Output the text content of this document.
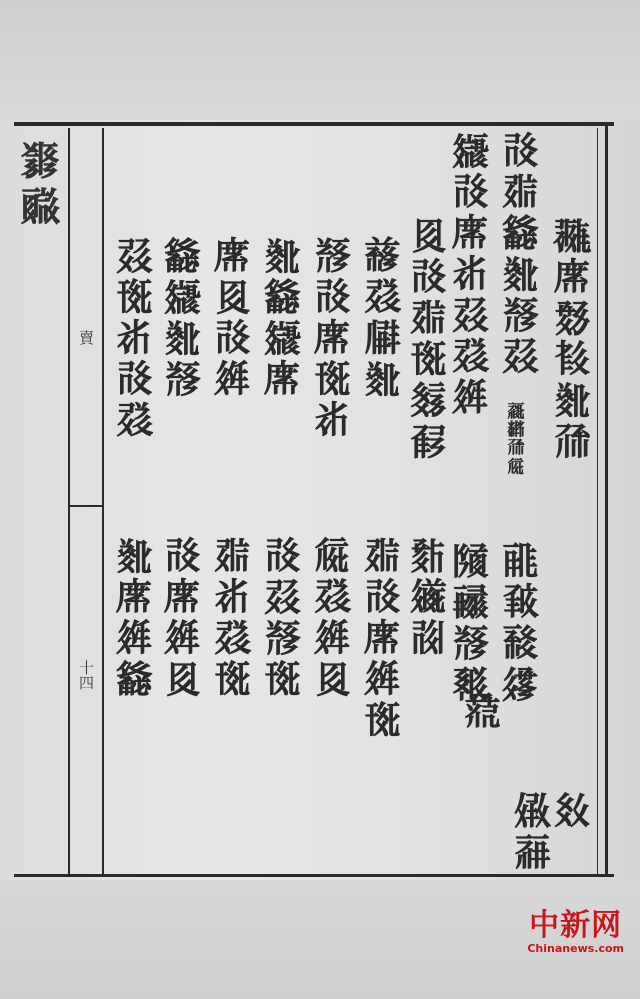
𘋒𘓺
賣
十四
𗖵𘟙𘘣𘆖𘝯𗗙
𗾈
𗰗𘄽𗴮𘝯𘃡𘄴
𗷦𘆄𘈷𗧘
𗹙𘂤𗗙𗏁
𗿼𗰗𘟙𘂆𘄴𘅇𗤶
𗂧𗸒𘃡𘔢
𗏣𗹏
𘉋𗰗𘄽𗍊𘊐𘒣
𘘦𗫂𗰖
𘟣
𗒘𘅇𗆔𘝯
𘄽𗰗𘟙𗤶𗍊
𘃡𗰗𘟙𗍊𘂆
𗏁𘅇𗤶𘉋
𘝯𗴮𗿼𘟙
𗰗𘄴𘃡𗍊
𘟙𘉋𗰗𗤶
𘄽𘂆𘅇𗍊
𗴮𗿼𘝯𘃡
𗰗𘟙𗤶𘉋
𘄴𗍊𘂆𗰗𘅇
𘝯𘟙𗤶𗴮
中新网
Chinanews.com
